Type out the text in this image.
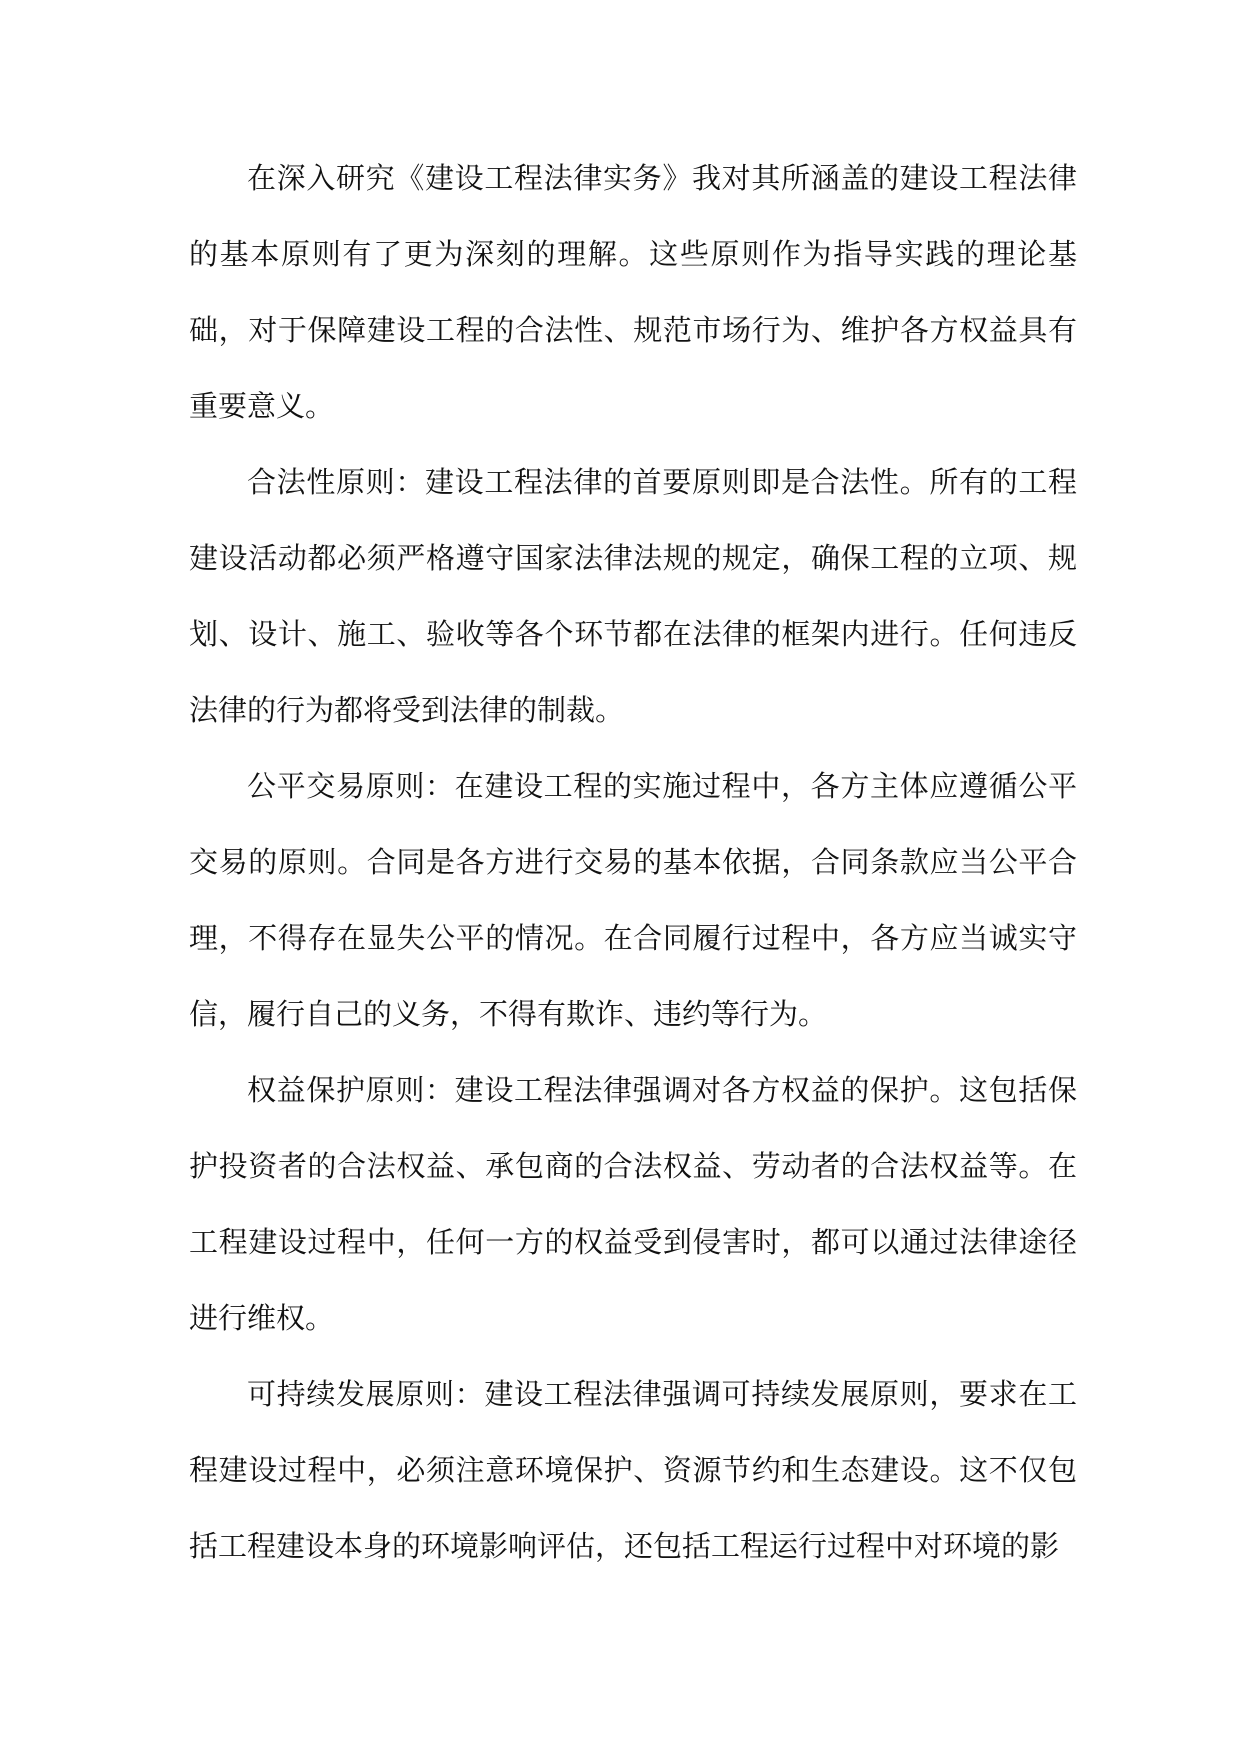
在深入研究《建设工程法律实务》我对其所涵盖的建设工程法律的基本原则有了更为深刻的理解。这些原则作为指导实践的理论基础，对于保障建设工程的合法性、规范市场行为、维护各方权益具有重要意义。

合法性原则：建设工程法律的首要原则即是合法性。所有的工程建设活动都必须严格遵守国家法律法规的规定，确保工程的立项、规划、设计、施工、验收等各个环节都在法律的框架内进行。任何违反法律的行为都将受到法律的制裁。

公平交易原则：在建设工程的实施过程中，各方主体应遵循公平交易的原则。合同是各方进行交易的基本依据，合同条款应当公平合理，不得存在显失公平的情况。在合同履行过程中，各方应当诚实守信，履行自己的义务，不得有欺诈、违约等行为。

权益保护原则：建设工程法律强调对各方权益的保护。这包括保护投资者的合法权益、承包商的合法权益、劳动者的合法权益等。在工程建设过程中，任何一方的权益受到侵害时，都可以通过法律途径进行维权。

可持续发展原则：建设工程法律强调可持续发展原则，要求在工程建设过程中，必须注意环境保护、资源节约和生态建设。这不仅包括工程建设本身的环境影响评估，还包括工程运行过程中对环境的影
